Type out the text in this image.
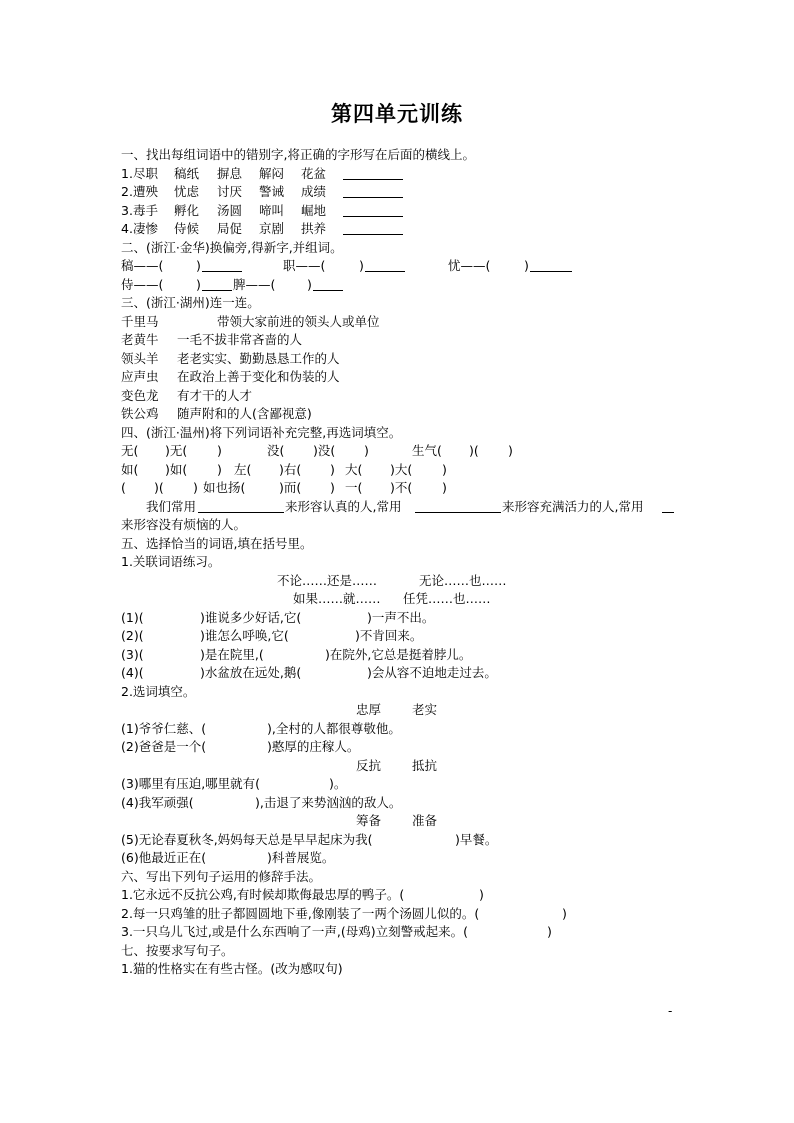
第四单元训练
一、找出每组词语中的错别字,将正确的字形写在后面的横线上。
1. 尽职 稿纸 摒息 解闷 花盆
2. 遭殃 忧虑 讨厌 警诫 成绩
3. 毒手 孵化 汤圆 啼叫 崛地
4. 凄惨 侍候 局促 京剧 拱养
二、(浙江·金华)换偏旁,得新字,并组词。
稿——(	)	职——(	)	忧——(	)
侍——(	)	脾——(	)
三、(浙江·湖州)连一连。
千里马	带领大家前进的领头人或单位
老黄牛 一毛不拔非常吝啬的人
领头羊 老老实实、勤勤恳恳工作的人
应声虫 在政治上善于变化和伪装的人
变色龙 有才干的人才
铁公鸡 随声附和的人(含鄙视意)
四、(浙江·温州)将下列词语补充完整,再选词填空。
无( )无( )	没( )没( )	生气( )( )
如( )如( ) 左( )右( ) 大( )大( )
( )( ) 如也扬(	)而( ) 一( )不( )
我们常用	来形容认真的人,常用	来形容充满活力的人,常用
来形容没有烦恼的人。
五、选择恰当的词语,填在括号里。
1.关联词语练习。
不论……还是……	无论……也……
如果……就…… 任凭……也……
(1)(	)谁说多少好话,它(	)一声不出。
(2)(	)谁怎么呼唤,它(	)不肯回来。
(3)(	)是在院里,(	)在院外,它总是挺着脖儿。
(4)(	)水盆放在远处,鹅(	)会从容不迫地走过去。
2.选词填空。
忠厚 老实
(1)爷爷仁慈、(	),全村的人都很尊敬他。
(2)爸爸是一个(	)憨厚的庄稼人。
反抗 抵抗
(3)哪里有压迫,哪里就有(	)。
(4)我军顽强(	),击退了来势汹汹的敌人。
筹备 准备
(5)无论春夏秋冬,妈妈每天总是早早起床为我(	)早餐。
(6)他最近正在(	)科普展览。
六、写出下列句子运用的修辞手法。
1.它永远不反抗公鸡,有时候却欺侮最忠厚的鸭子。(	)
2.每一只鸡雏的肚子都圆圆地下垂,像刚装了一两个汤圆儿似的。(	)
3.一只乌儿飞过,或是什么东西响了一声,(母鸡)立刻警戒起来。(	)
七、按要求写句子。
1.猫的性格实在有些古怪。(改为感叹句)
-
